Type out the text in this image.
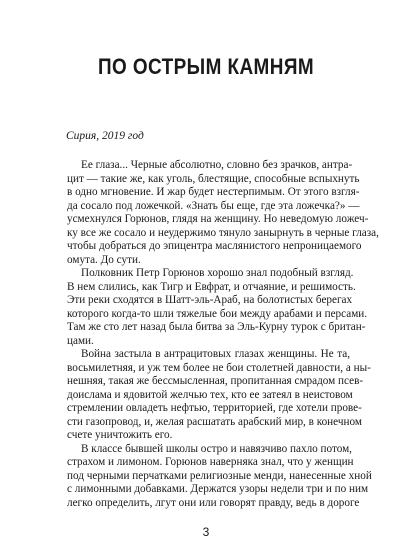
ПО ОСТРЫМ КАМНЯМ
Сирия, 2019 год
Ее глаза... Черные абсолютно, словно без зрачков, антра-
цит — такие же, как уголь, блестящие, способные вспыхнуть
в одно мгновение. И жар будет нестерпимым. От этого взгля-
да сосало под ложечкой. «Знать бы еще, где эта ложечка?» —
усмехнулся Горюнов, глядя на женщину. Но неведомую ложеч-
ку все же сосало и неудержимо тянуло занырнуть в черные глаза,
чтобы добраться до эпицентра маслянистого непроницаемого
омута. До сути.
Полковник Петр Горюнов хорошо знал подобный взгляд.
В нем слились, как Тигр и Евфрат, и отчаяние, и решимость.
Эти реки сходятся в Шатт-эль-Араб, на болотистых берегах
которого когда-то шли тяжелые бои между арабами и персами.
Там же сто лет назад была битва за Эль-Курну турок с британ-
цами.
Война застыла в антрацитовых глазах женщины. Не та,
восьмилетняя, и уж тем более не бои столетней давности, а ны-
нешняя, такая же бессмысленная, пропитанная смрадом псев-
доислама и ядовитой желчью тех, кто ее затеял в неистовом
стремлении овладеть нефтью, территорией, где хотели прове-
сти газопровод, и, желая расшатать арабский мир, в конечном
счете уничтожить его.
В классе бывшей школы остро и навязчиво пахло потом,
страхом и лимоном. Горюнов наверняка знал, что у женщин
под черными перчатками религиозные менди, нанесенные хной
с лимонными добавками. Держатся узоры недели три и по ним
легко определить, лгут они или говорят правду, ведь в дороге
3
